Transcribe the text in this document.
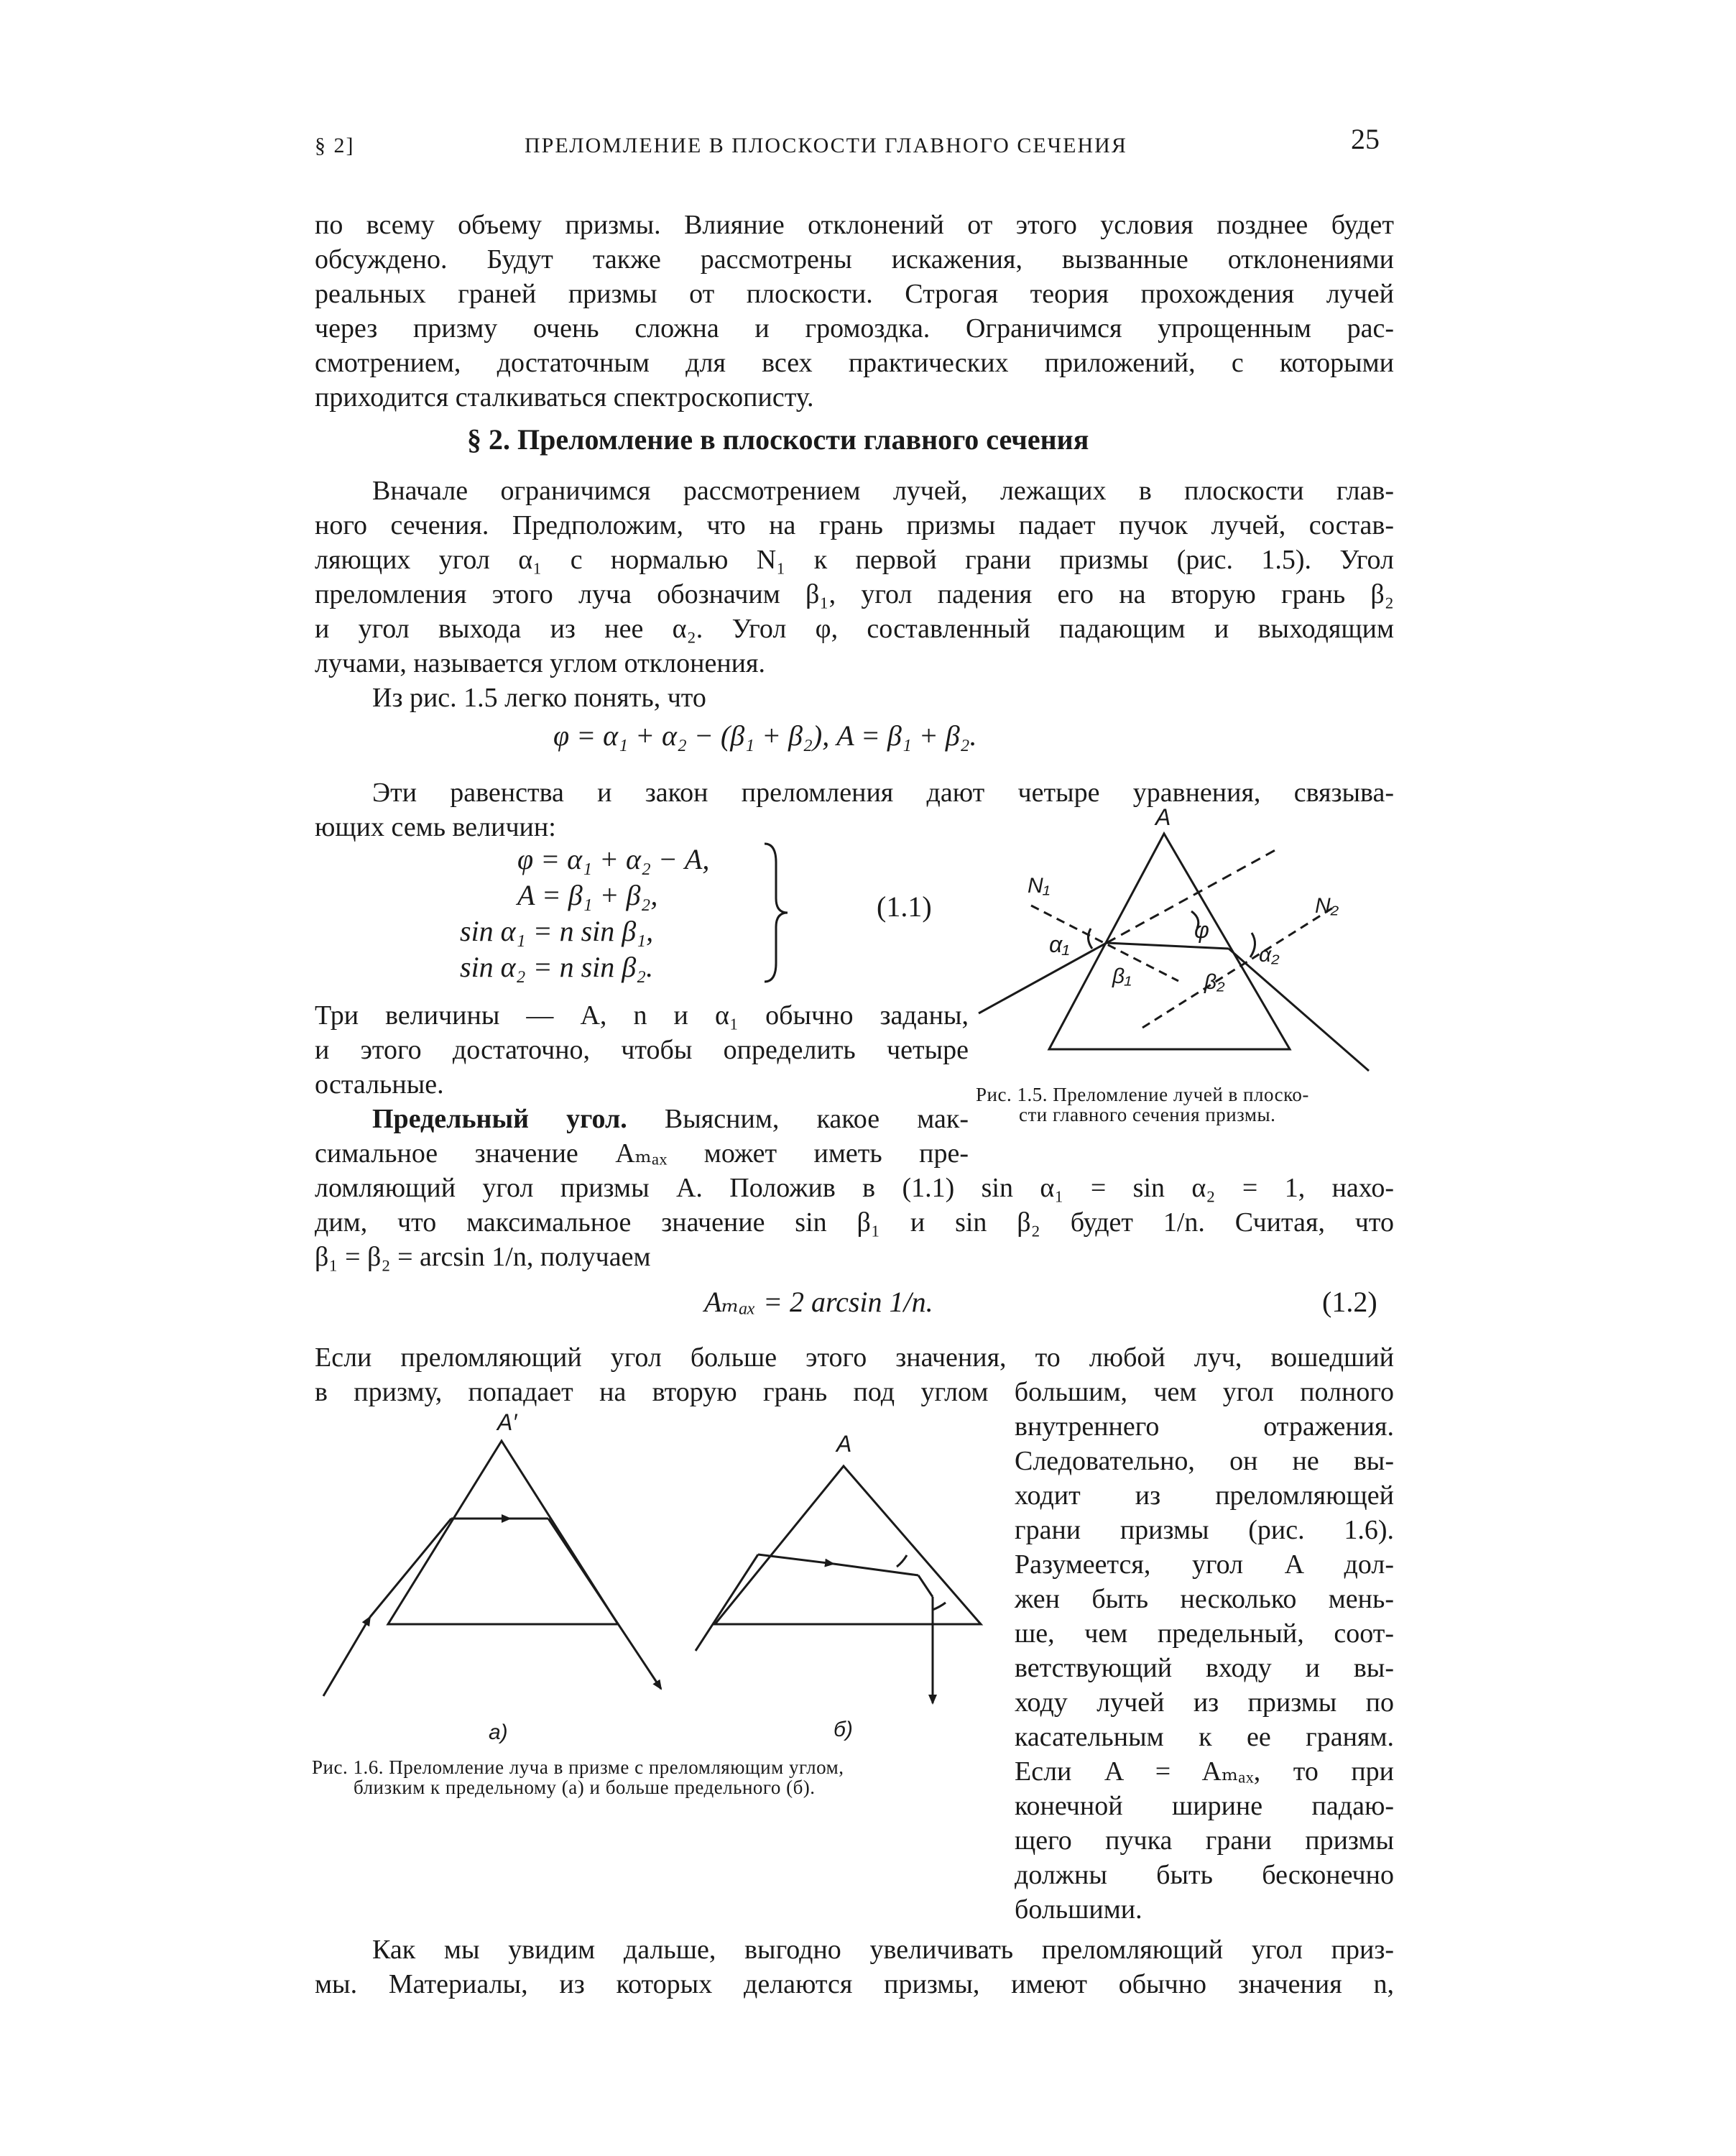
§ 2]	ПРЕЛОМЛЕНИЕ В ПЛОСКОСТИ ГЛАВНОГО СЕЧЕНИЯ	25
по всему объему призмы. Влияние отклонений от этого условия позднее будет
обсуждено. Будут также рассмотрены искажения, вызванные отклонениями
реальных граней призмы от плоскости. Строгая теория прохождения лучей
через призму очень сложна и громоздка. Ограничимся упрощенным рас-
смотрением, достаточным для всех практических приложений, с которыми
приходится сталкиваться спектроскописту.
§ 2. Преломление в плоскости главного сечения
Вначале ограничимся рассмотрением лучей, лежащих в плоскости глав-
ного сечения. Предположим, что на грань призмы падает пучок лучей, состав-
ляющих угол α₁ с нормалью N₁ к первой грани призмы (рис. 1.5). Угол
преломления этого луча обозначим β₁, угол падения его на вторую грань β₂
и угол выхода из нее α₂. Угол φ, составленный падающим и выходящим
лучами, называется углом отклонения.
Из рис. 1.5 легко понять, что
φ = α₁ + α₂ − (β₁ + β₂), A = β₁ + β₂.
Эти равенства и закон преломления дают четыре уравнения, связыва-
ющих семь величин:
φ = α₁ + α₂ − A,
A = β₁ + β₂,
sin α₁ = n sin β₁,
sin α₂ = n sin β₂.
(1.1)
Три величины — A, n и α₁ обычно заданы,
и этого достаточно, чтобы определить четыре
остальные.
Предельный угол. Выясним, какое мак-
симальное значение Aₘₐₓ может иметь пре-
ломляющий угол призмы A. Положив в (1.1) sin α₁ = sin α₂ = 1, нахо-
дим, что максимальное значение sin β₁ и sin β₂ будет 1/n. Считая, что
β₁ = β₂ = arcsin 1/n, получаем
Aₘₐₓ = 2 arcsin 1/n.	(1.2)
Если преломляющий угол больше этого значения, то любой луч, вошедший
в призму, попадает на вторую грань под углом большим, чем угол полного
внутреннего отражения.
Следовательно, он не вы-
ходит из преломляющей
грани призмы (рис. 1.6).
Разумеется, угол A дол-
жен быть несколько мень-
ше, чем предельный, соот-
ветствующий входу и вы-
ходу лучей из призмы по
касательным к ее граням.
Если A = Aₘₐₓ, то при
конечной ширине падаю-
щего пучка грани призмы
должны быть бесконечно
большими.
Как мы увидим дальше, выгодно увеличивать преломляющий угол приз-
мы. Материалы, из которых делаются призмы, имеют обычно значения n,
A
N₁
N₂
α₁	α₂
β₁	β₂
φ
Рис. 1.5. Преломление лучей в плоско-
сти главного сечения призмы.
A′
A
а)	б)
Рис. 1.6. Преломление луча в призме с преломляющим углом,
близким к предельному (а) и больше предельного (б).
